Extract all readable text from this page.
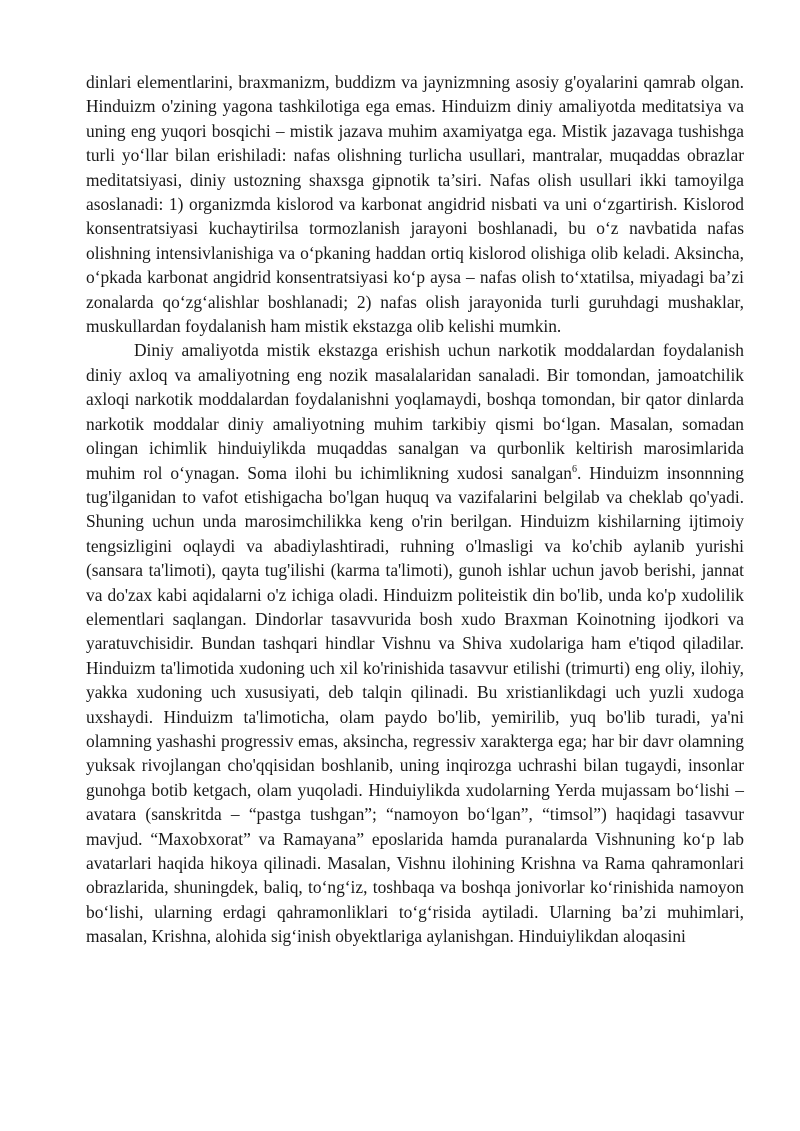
dinlari elementlarini, braxmanizm, buddizm va jaynizmning asosiy g'oyalarini qamrab olgan. Hinduizm o'zining yagona tashkilotiga ega emas. Hinduizm diniy amaliyotda meditatsiya va uning eng yuqori bosqichi – mistik jazava muhim axamiyatga ega. Mistik jazavaga tushishga turli yo‘llar bilan erishiladi: nafas olishning turlicha usullari, mantralar, muqaddas obrazlar meditatsiyasi, diniy ustozning shaxsga gipnotik ta’siri. Nafas olish usullari ikki tamoyilga asoslanadi: 1) organizmda kislorod va karbonat angidrid nisbati va uni o‘zgartirish. Kislorod konsentratsiyasi kuchaytirilsa tormozlanish jarayoni boshlanadi, bu o‘z navbatida nafas olishning intensivlanishiga va o‘pkaning haddan ortiq kislorod olishiga olib keladi. Aksincha, o‘pkada karbonat angidrid konsentratsiyasi ko‘p aysa – nafas olish to‘xtatilsa, miyadagi ba’zi zonalarda qo‘zg‘alishlar boshlanadi; 2) nafas olish jarayonida turli guruhdagi mushaklar, muskullardan foydalanish ham mistik ekstazga olib kelishi mumkin.

Diniy amaliyotda mistik ekstazga erishish uchun narkotik moddalardan foydalanish diniy axloq va amaliyotning eng nozik masalalaridan sanaladi. Bir tomondan, jamoatchilik axloqi narkotik moddalardan foydalanishni yoqlamaydi, boshqa tomondan, bir qator dinlarda narkotik moddalar diniy amaliyotning muhim tarkibiy qismi bo‘lgan. Masalan, somadan olingan ichimlik hinduiylikda muqaddas sanalgan va qurbonlik keltirish marosimlarida muhim rol o‘ynagan. Soma ilohi bu ichimlikning xudosi sanalgan$^6$. Hinduizm insonnning tug'ilganidan to vafot etishigacha bo'lgan huquq va vazifalarini belgilab va cheklab qo'yadi. Shuning uchun unda marosimchilikka keng o'rin berilgan. Hinduizm kishilarning ijtimoiy tengsizligini oqlaydi va abadiylashtiradi, ruhning o'lmasligi va ko'chib aylanib yurishi (sansara ta'limoti), qayta tug'ilishi (karma ta'limoti), gunoh ishlar uchun javob berishi, jannat va do'zax kabi aqidalarni o'z ichiga oladi. Hinduizm politeistik din bo'lib, unda ko'p xudolilik elementlari saqlangan. Dindorlar tasavvurida bosh xudo Braxman Koinotning ijodkori va yaratuvchisidir. Bundan tashqari hindlar Vishnu va Shiva xudolariga ham e'tiqod qiladilar. Hinduizm ta'limotida xudoning uch xil ko'rinishida tasavvur etilishi (trimurti) eng oliy, ilohiy, yakka xudoning uch xususiyati, deb talqin qilinadi. Bu xristianlikdagi uch yuzli xudoga uxshaydi. Hinduizm ta'limoticha, olam paydo bo'lib, yemirilib, yuq bo'lib turadi, ya'ni olamning yashashi progressiv emas, aksincha, regressiv xarakterga ega; har bir davr olamning yuksak rivojlangan cho'qqisidan boshlanib, uning inqirozga uchrashi bilan tugaydi, insonlar gunohga botib ketgach, olam yuqoladi. Hinduiylikda xudolarning Yerda mujassam bo‘lishi – avatara (sanskritda – “pastga tushgan”; “namoyon bo‘lgan”, “timsol”) haqidagi tasavvur mavjud. “Maxobxorat” va Ramayana” eposlarida hamda puranalarda Vishnuning ko‘p lab avatarlari haqida hikoya qilinadi. Masalan, Vishnu ilohining Krishna va Rama qahramonlari obrazlarida, shuningdek, baliq, to‘ng‘iz, toshbaqa va boshqa jonivorlar ko‘rinishida namoyon bo‘lishi, ularning erdagi qahramonliklari to‘g‘risida aytiladi. Ularning ba’zi muhimlari, masalan, Krishna, alohida sig‘inish obyektlariga aylanishgan. Hinduiylikdan aloqasini
